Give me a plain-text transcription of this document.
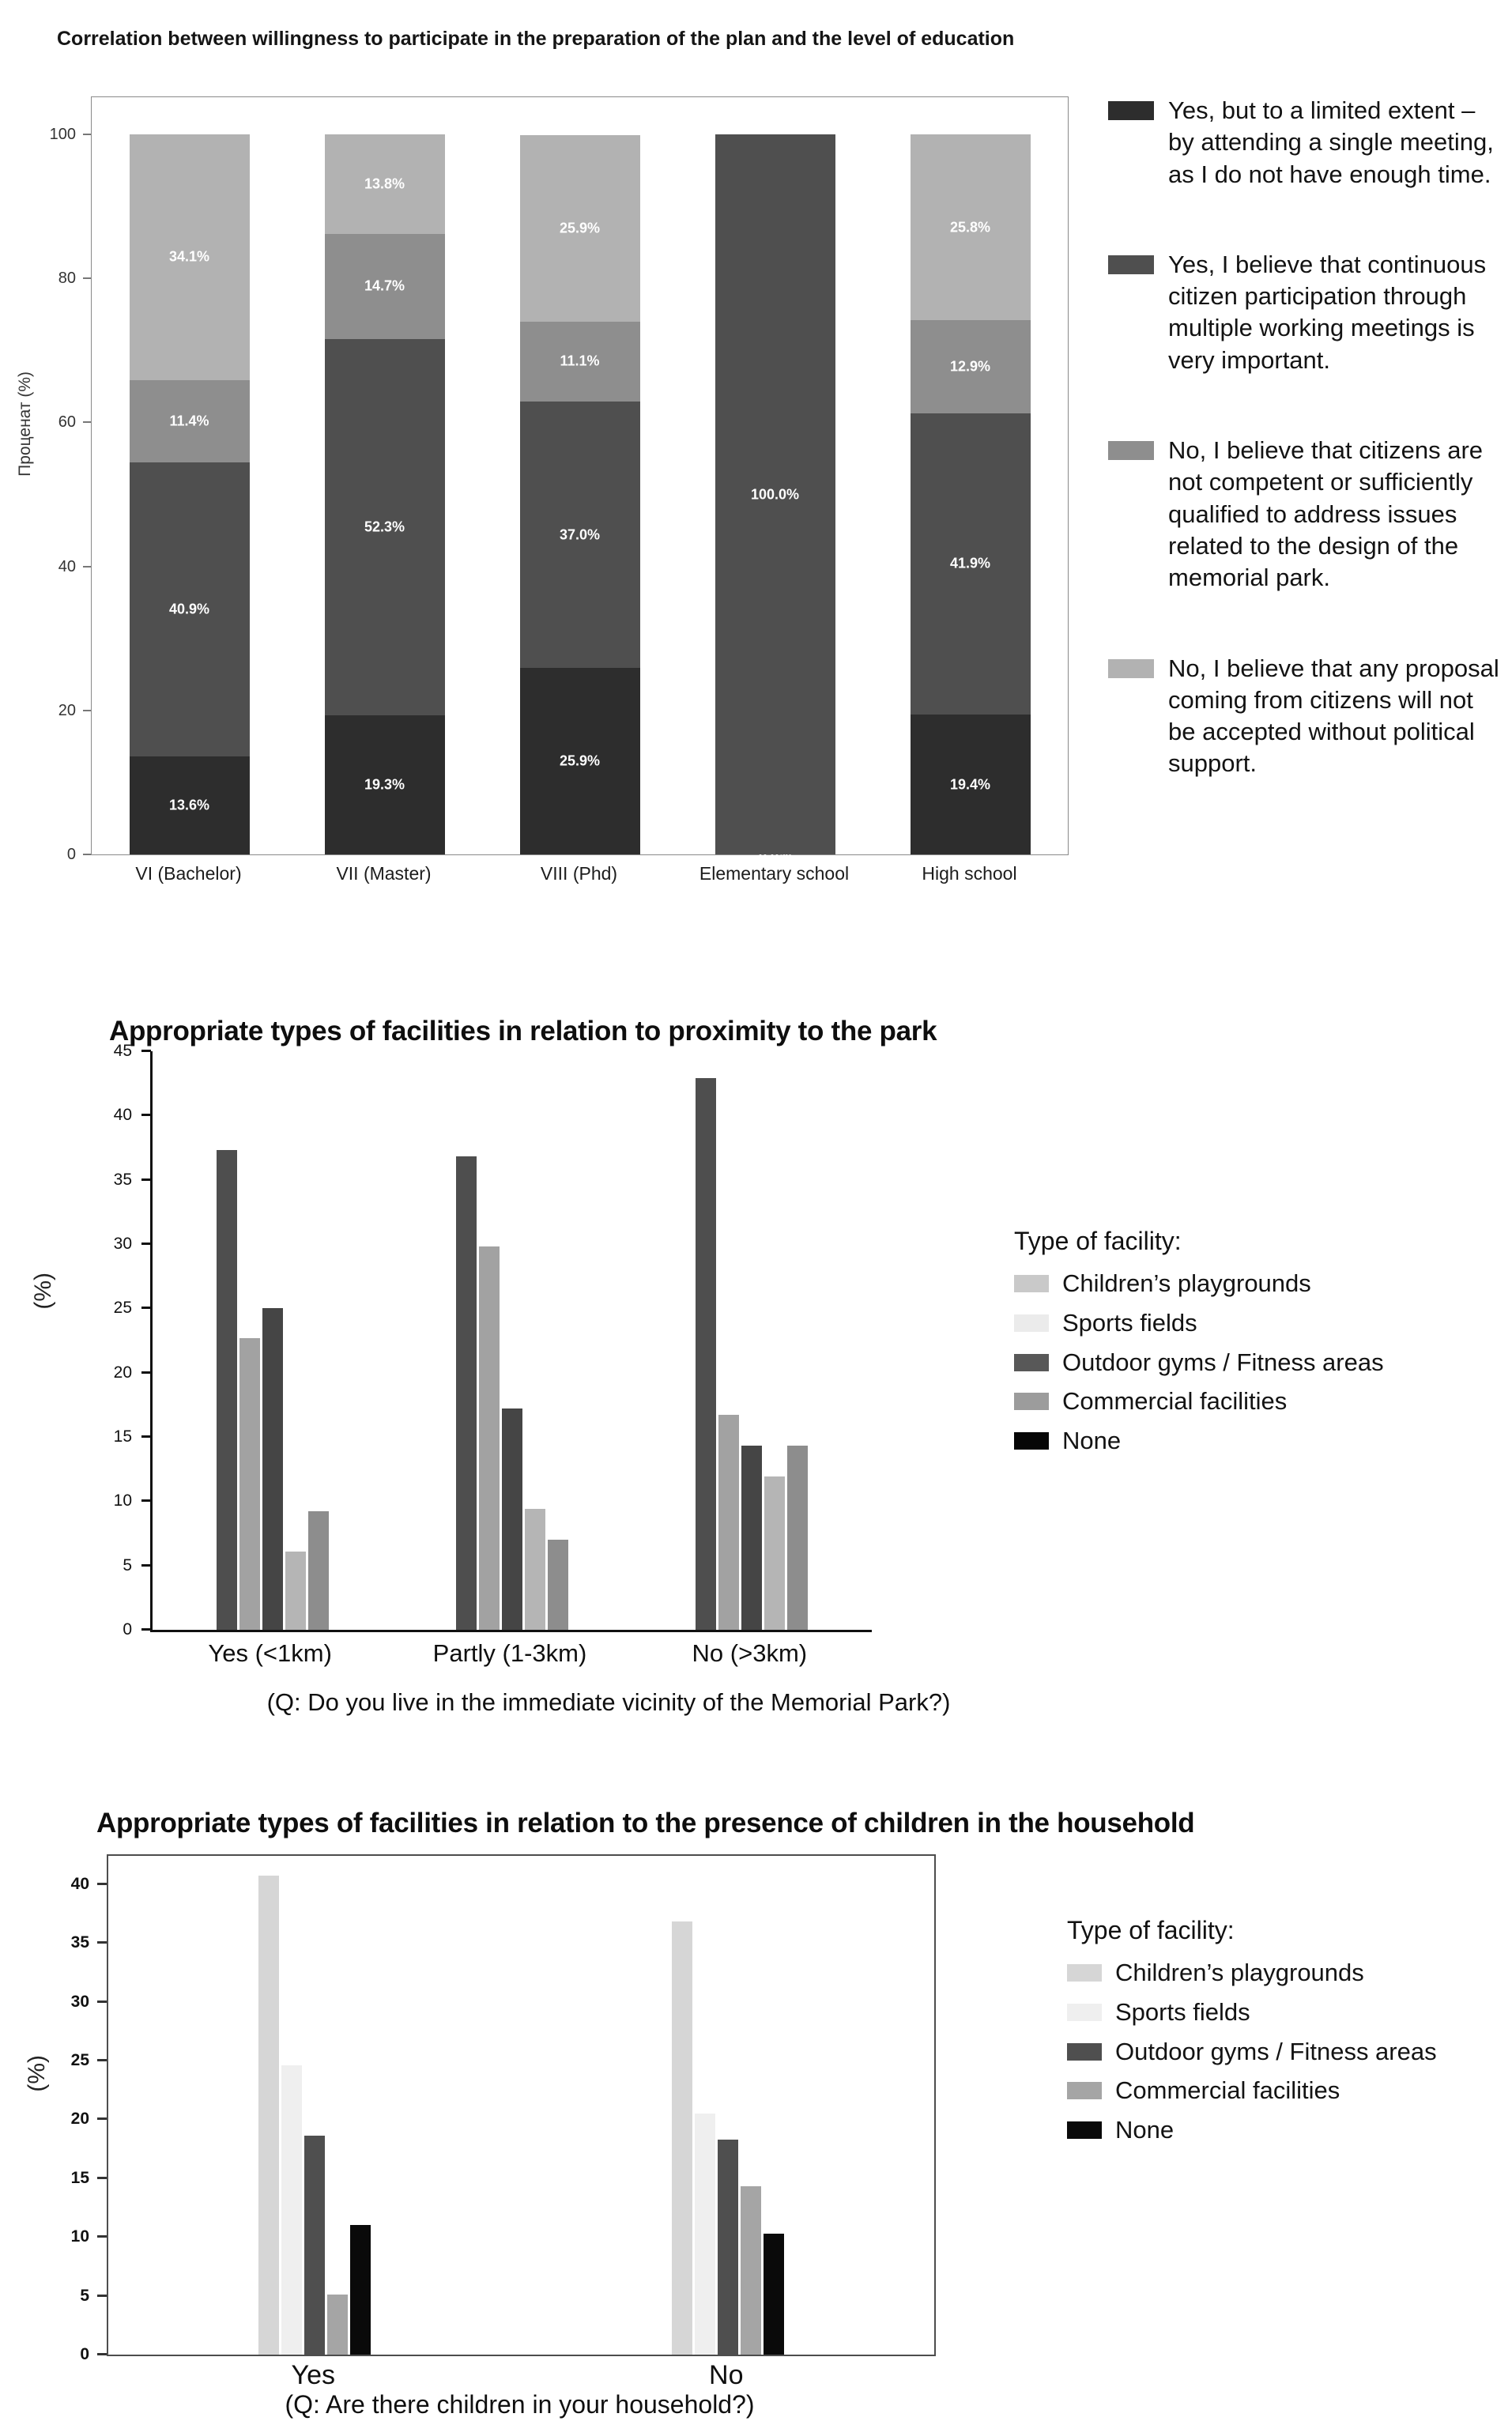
Correlation between willingness to participate in the preparation of the plan and the level of education
Проценат (%)
0
20
40
60
80
100
13.6%
40.9%
11.4%
34.1%
19.3%
52.3%
14.7%
13.8%
25.9%
37.0%
11.1%
25.9%
100.0%
19.4%
41.9%
12.9%
25.8%
VI (Bachelor)	VII (Master)	VIII (Phd)	Elementary school	High school
Yes, but to a limited extent – by attending a single meeting, as I do not have enough time.
Yes, I believe that continuous citizen participation through multiple working meetings is very important.
No, I believe that citizens are not competent or sufficiently qualified to address issues related to the design of the memorial park.
No, I believe that any proposal coming from citizens will not be accepted without political support.
Appropriate types of facilities in relation to proximity to the park
(%)
0
5
10
15
20
25
30
35
40
45
Yes (<1km)	Partly (1-3km)	No (>3km)
(Q: Do you live in the immediate vicinity of the Memorial Park?)

Type of facility:

Children’s playgrounds
Sports fields
Outdoor gyms / Fitness areas
Commercial facilities
None
Appropriate types of facilities in relation to the presence of children in the household
(%)
0
5
10
15
20
25
30
35
40
Yes	No
(Q: Are there children in your household?)

Type of facility:

Children’s playgrounds
Sports fields
Outdoor gyms / Fitness areas
Commercial facilities
None
